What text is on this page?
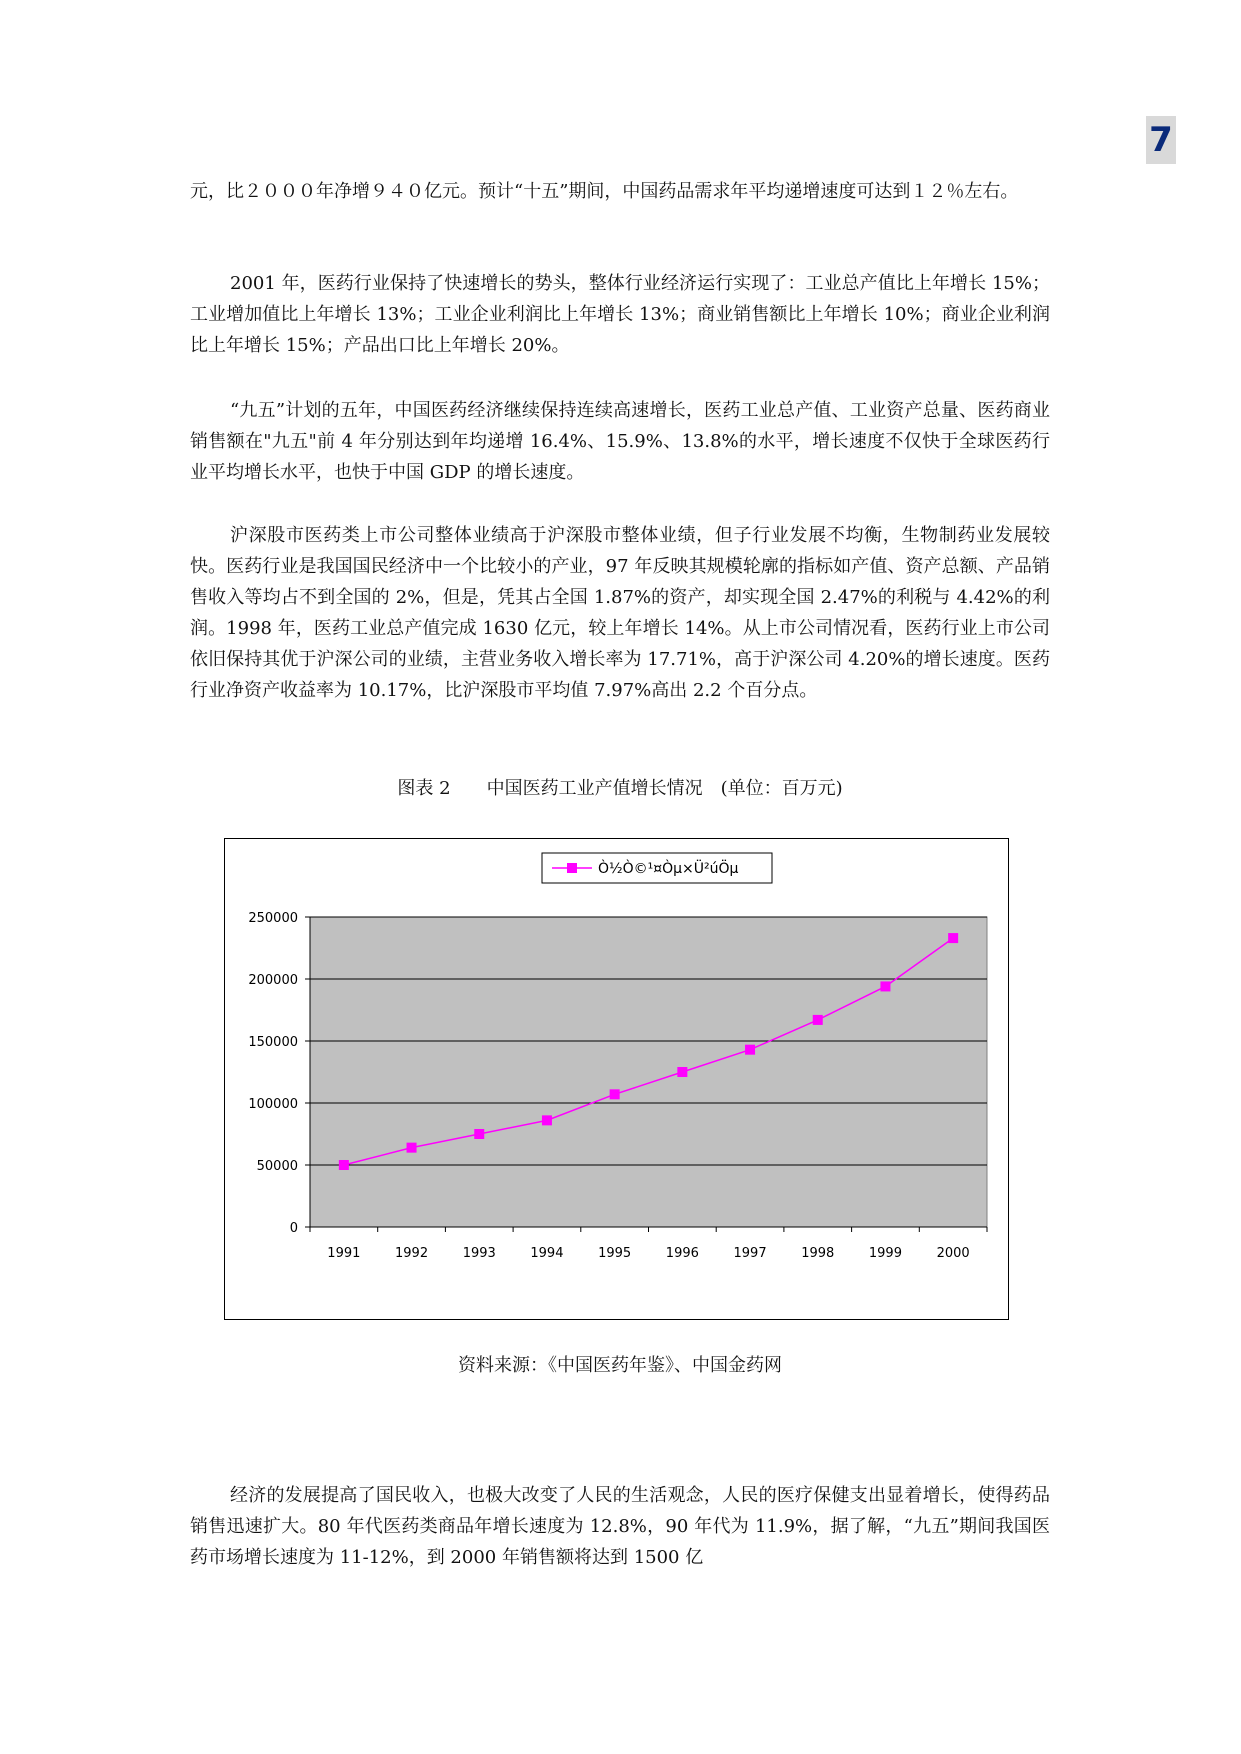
7

元，比２０００年净增９４０亿元。预计“十五”期间，中国药品需求年平均递增速度可达到１２％左右。

2001 年，医药行业保持了快速增长的势头，整体行业经济运行实现了：工业总产值比上年增长 15%；工业增加值比上年增长 13%；工业企业利润比上年增长 13%；商业销售额比上年增长 10%；商业企业利润比上年增长 15%；产品出口比上年增长 20%。

“九五”计划的五年，中国医药经济继续保持连续高速增长，医药工业总产值、工业资产总量、医药商业销售额在"九五"前 4 年分别达到年均递增 16.4%、15.9%、13.8%的水平，增长速度不仅快于全球医药行业平均增长水平，也快于中国 GDP 的增长速度。

沪深股市医药类上市公司整体业绩高于沪深股市整体业绩，但子行业发展不均衡，生物制药业发展较快。医药行业是我国国民经济中一个比较小的产业，97 年反映其规模轮廓的指标如产值、资产总额、产品销售收入等均占不到全国的 2%，但是，凭其占全国 1.87%的资产，却实现全国 2.47%的利税与 4.42%的利润。1998 年，医药工业总产值完成 1630 亿元，较上年增长 14%。从上市公司情况看，医药行业上市公司依旧保持其优于沪深公司的业绩，主营业务收入增长率为 17.71%，高于沪深公司 4.20%的增长速度。医药行业净资产收益率为 10.17%，比沪深股市平均值 7.97%高出 2.2 个百分点。

图表 2　　中国医药工业产值增长情况　(单位：百万元)
0
50000
100000
150000
200000
250000
1991	1992	1993	1994	1995	1996	1997	1998	1999	2000
Ò½Ò©¹¤Òµ×Ü²úÖµ
资料来源：《中国医药年鉴》、中国金药网

经济的发展提高了国民收入，也极大改变了人民的生活观念，人民的医疗保健支出显着增长，使得药品销售迅速扩大。80 年代医药类商品年增长速度为 12.8%，90 年代为 11.9%，据了解，“九五”期间我国医药市场增长速度为 11-12%，到 2000 年销售额将达到 1500 亿
